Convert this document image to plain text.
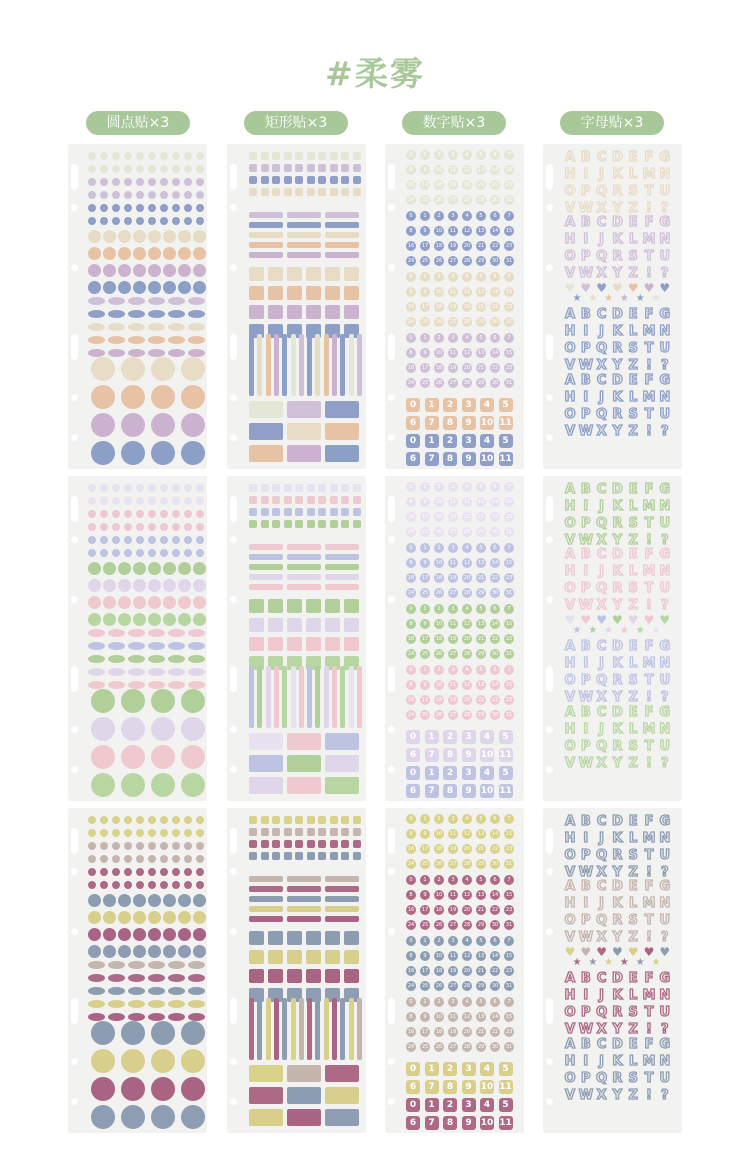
#柔雾
圆点贴×3	矩形贴×3	数字贴×3	字母贴×3
0	1	2	3	4	5	6	7
8	9	10	11	12	13	14	15
16	17	18	19	20	21	22	23
24	25	26	27	28	29	30	31
0	1	2	3	4	5	6	7
8	9	10	11	12	13	14	15
16	17	18	19	20	21	22	23
24	25	26	27	28	29	30	31
0	1	2	3	4	5	6	7
8	9	10	11	12	13	14	15
16	17	18	19	20	21	22	23
24	25	26	27	28	29	30	31
0	1	2	3	4	5	6	7
8	9	10	11	12	13	14	15
16	17	18	19	20	21	22	23
24	25	26	27	28	29	30	31
0	1	2	3	4	5
6	7	8	9	10 11
0	1	2	3	4	5
6	7	8	9	10 11
A B C D E F G
H I J K L M N
O P Q R S T U
V W X Y Z ! ?
A B C D E F G
H I J K L M N
O P Q R S T U
V W X Y Z ! ?
♥ ♥ ♥ ♥ ♥ ♥ ♥
★ ★ ★ ★ ★ ★
A B C D E F G
H I J K L M N
O P Q R S T U
V W X Y Z ! ?
A B C D E F G
H I J K L M N
O P Q R S T U
V W X Y Z ! ?
0	1	2	3	4	5	6	7
8	9	10	11	12	13	14	15
16	17	18	19	20	21	22	23
24	25	26	27	28	29	30	31
0	1	2	3	4	5	6	7
8	9	10	11	12	13	14	15
16	17	18	19	20	21	22	23
24	25	26	27	28	29	30	31
0	1	2	3	4	5	6	7
8	9	10	11	12	13	14	15
16	17	18	19	20	21	22	23
24	25	26	27	28	29	30	31
0	1	2	3	4	5	6	7
8	9	10	11	12	13	14	15
16	17	18	19	20	21	22	23
24	25	26	27	28	29	30	31
0	1	2	3	4	5
6	7	8	9	10 11
0	1	2	3	4	5
6	7	8	9	10 11
A B C D E F G
H I J K L M N
O P Q R S T U
V W X Y Z ! ?
A B C D E F G
H I J K L M N
O P Q R S T U
V W X Y Z ! ?
♥ ♥ ♥ ♥ ♥ ♥ ♥
★ ★ ★ ★ ★ ★
A B C D E F G
H I J K L M N
O P Q R S T U
V W X Y Z ! ?
A B C D E F G
H I J K L M N
O P Q R S T U
V W X Y Z ! ?
0	1	2	3	4	5	6	7
8	9	10	11	12	13	14	15
16	17	18	19	20	21	22	23
24	25	26	27	28	29	30	31
0	1	2	3	4	5	6	7
8	9	10	11	12	13	14	15
16	17	18	19	20	21	22	23
24	25	26	27	28	29	30	31
0	1	2	3	4	5	6	7
8	9	10	11	12	13	14	15
16	17	18	19	20	21	22	23
24	25	26	27	28	29	30	31
0	1	2	3	4	5	6	7
8	9	10	11	12	13	14	15
16	17	18	19	20	21	22	23
24	25	26	27	28	29	30	31
0	1	2	3	4	5
6	7	8	9	10 11
0	1	2	3	4	5
6	7	8	9	10 11
A B C D E F G
H I J K L M N
O P Q R S T U
V W X Y Z ! ?
A B C D E F G
H I J K L M N
O P Q R S T U
V W X Y Z ! ?
♥ ♥ ♥ ♥ ♥ ♥ ♥
★ ★ ★ ★ ★ ★
A B C D E F G
H I J K L M N
O P Q R S T U
V W X Y Z ! ?
A B C D E F G
H I J K L M N
O P Q R S T U
V W X Y Z ! ?
